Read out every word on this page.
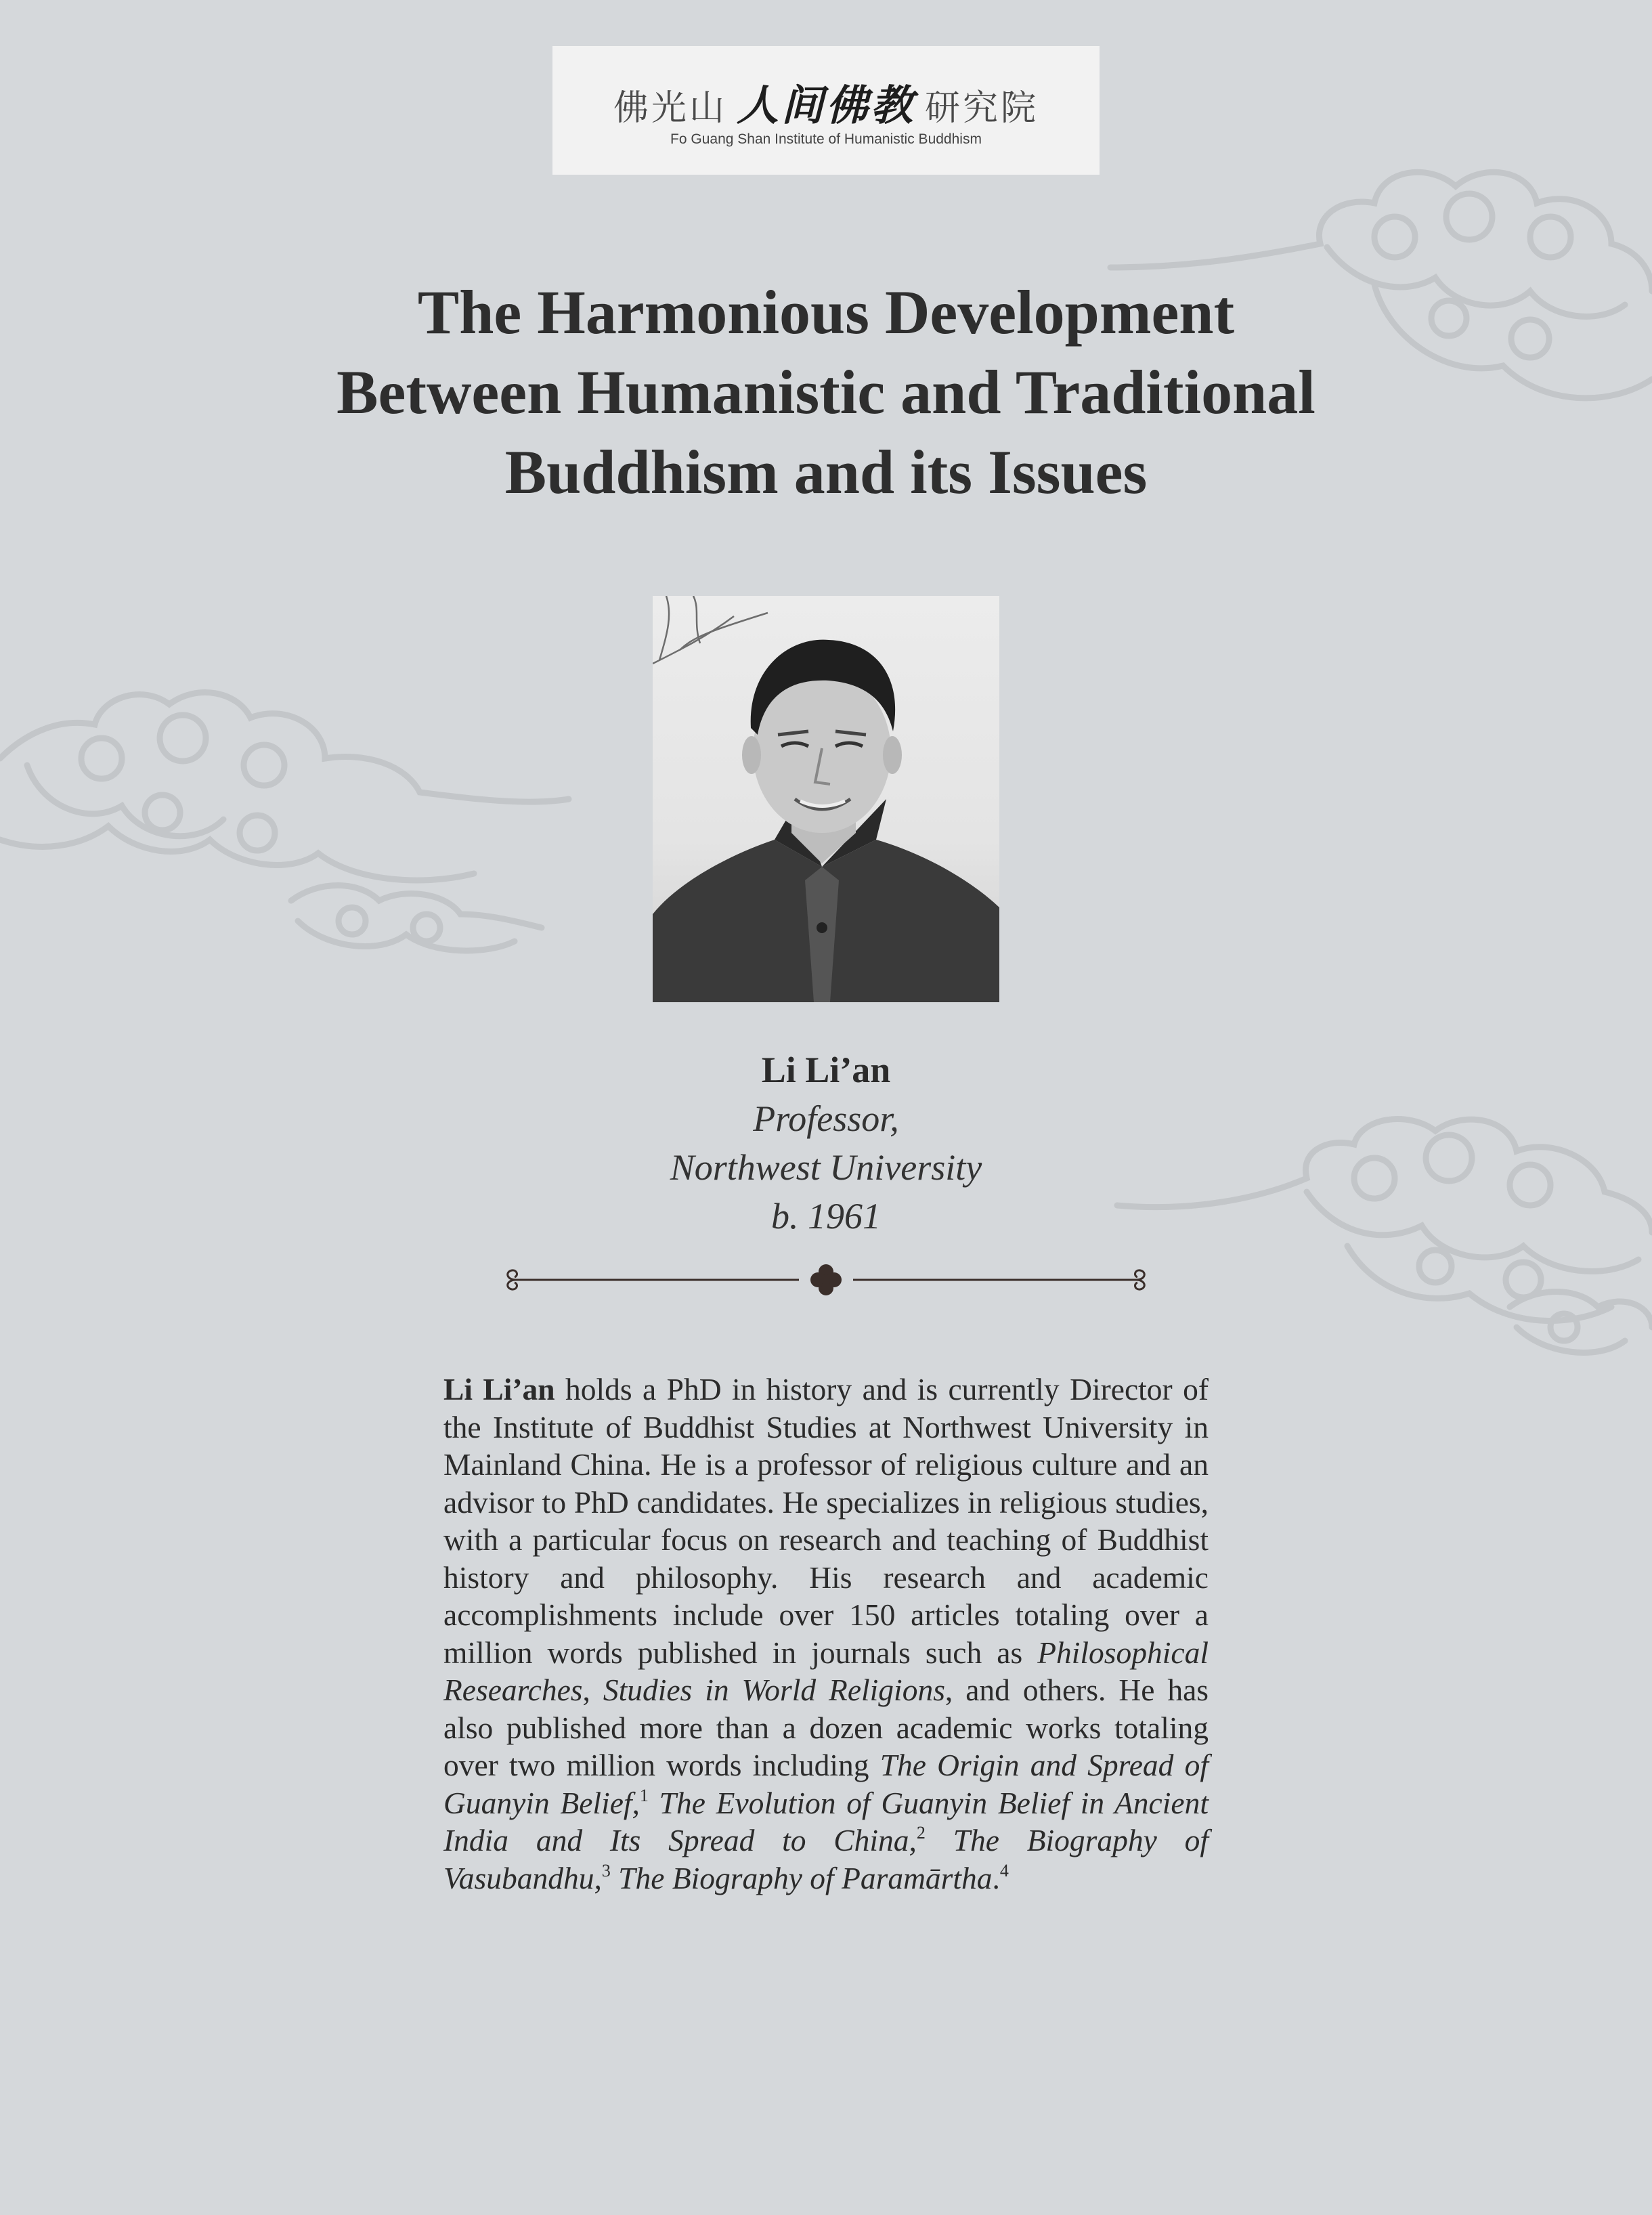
佛光山 人间佛教 研究院
Fo Guang Shan Institute of Humanistic Buddhism
The Harmonious Development
Between Humanistic and Traditional
Buddhism and its Issues
Li Li’an
Professor,
Northwest University
b. 1961

Li Li’an holds a PhD in history and is currently Director of the Institute of Buddhist Studies at Northwest University in Mainland China. He is a professor of religious culture and an advisor to PhD candidates. He specializes in religious studies, with a particular focus on research and teaching of Buddhist history and philosophy. His research and academic accomplishments include over 150 articles totaling over a million words published in journals such as Philosophical Researches, Studies in World Religions, and others. He has also published more than a dozen academic works totaling over two million words including The Origin and Spread of Guanyin Belief,$^1$ The Evolution of Guanyin Belief in Ancient India and Its Spread to China,$^2$ The Biography of Vasubandhu,$^3$ The Biography of Paramārtha.$^4$
